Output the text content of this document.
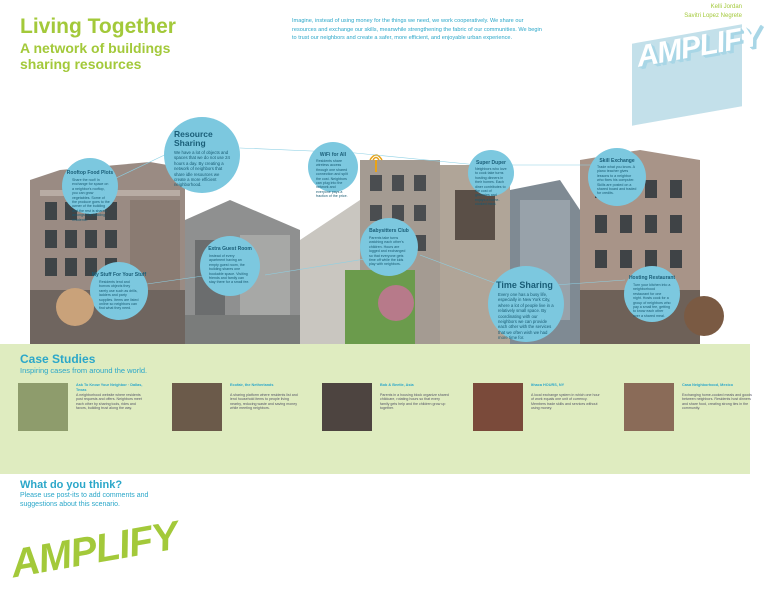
Living Together
A network of buildings sharing resources
Imagine, instead of using money for the things we need, we work cooperatively. We share our resources and exchange our skills, meanwhile strengthening the fabric of our communities. We begin to trust our neighbors and create a safer, more efficient, and enjoyable urban experience.
Kelli Jordan
Savitri Lopez Negrete
AMPLIFY
Rooftop Food Plots
Share the roof! In exchange for space on a neighbor's rooftop, you can grow vegetables. Some of the produce goes to the owner of the building and the rest is shared amongst the building residents.
Resource Sharing
We have a lot of objects and spaces that we do not use 24 hours a day. By creating a network of neighbors that share idle resources we create a more efficient neighborhood.
WiFi for All
Residents share wireless access through one shared connection and split the cost. Neighbors can plug into the network and everyone pays a fraction of the price.
Super Duper
Neighbors who love to cook take turns hosting dinners in their homes. Each diner contributes to the cost of groceries and enjoys a home-cooked meal.
Skill Exchange
Trade what you know. A piano teacher gives lessons to a neighbor who fixes his computer. Skills are posted on a shared board and traded for credits.
My Stuff For Your Stuff
Residents lend and borrow objects they rarely use such as drills, ladders and party supplies. Items are listed online so neighbors can find what they need.
Extra Guest Room
Instead of every apartment having an empty guest room, the building shares one bookable space. Visiting friends and family can stay there for a small fee.
Babysitters Club
Parents take turns watching each other's children. Hours are logged and exchanged so that everyone gets time off while the kids play with neighbors.
Time Sharing
Every one has a busy life, especially in New York City, where a lot of people live in a relatively small space. By coordinating with our neighbors we can provide each other with the services that we often wish we had more time for.
Hosting Restaurant
Turn your kitchen into a neighborhood restaurant for one night. Hosts cook for a group of neighbors who pay a small fee, getting to know each other over a shared meal.
Case Studies
Inspiring cases from around the world.
Ask To Know Your Neighbor · Dallas, Texas
A neighborhood website where residents post requests and offers. Neighbors meet each other by sharing tools, rides and favors, building trust along the way.
Ecofair, the Netherlands
A sharing platform where residents list and lend household items to people living nearby, reducing waste and saving money while meeting neighbors.
Bob & Beetle, Asia
Parents in a housing block organize shared childcare, rotating hours so that every family gets help and the children grow up together.
Ithaca HOURS, NY
A local exchange system in which one hour of work equals one unit of currency. Members trade skills and services without using money.
Casa Neighborhood, Mexico
Exchanging home-cooked meals and goods between neighbors. Residents host dinners and share food, creating strong ties in the community.
What do you think?
Please use post-its to add comments and suggestions about this scenario.
AMPLIFY
